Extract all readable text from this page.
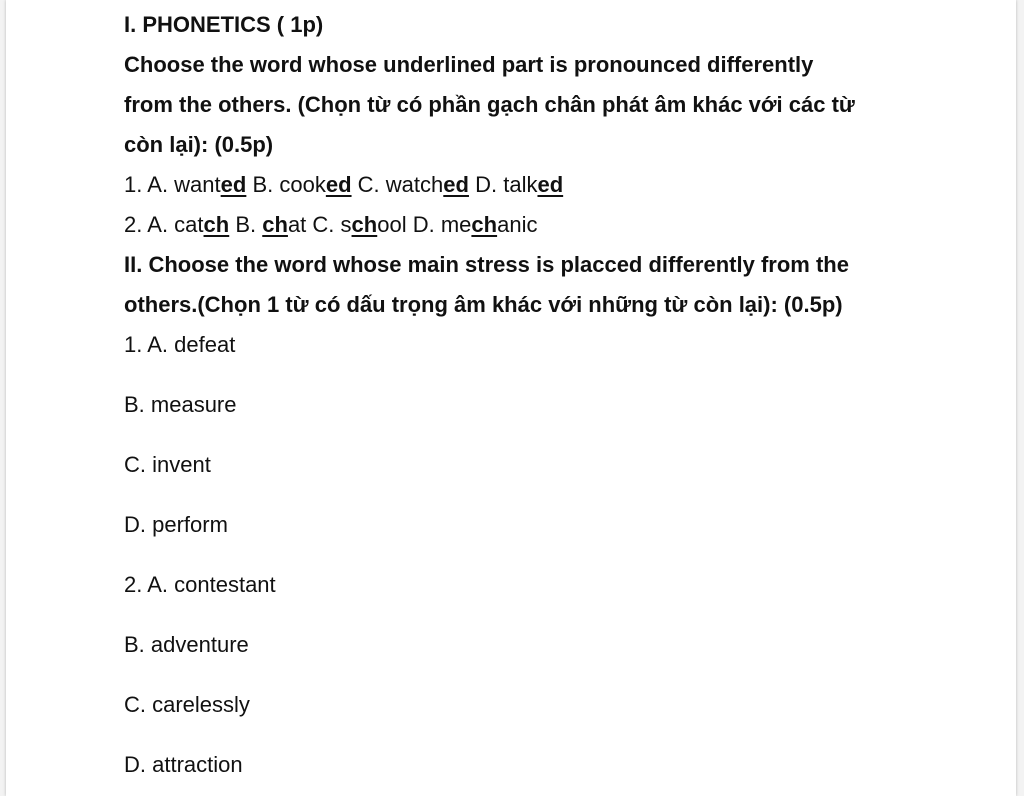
I. PHONETICS ( 1p)
Choose the word whose underlined part is pronounced differently
from the others. (Chọn từ có phần gạch chân phát âm khác với các từ
còn lại): (0.5p)
1. A. wanted B. cooked C. watched D. talked
2. A. catch B. chat C. school D. mechanic
II. Choose the word whose main stress is placced differently from the
others.(Chọn 1 từ có dấu trọng âm khác với những từ còn lại): (0.5p)
1. A. defeat
B. measure
C. invent
D. perform
2. A. contestant
B. adventure
C. carelessly
D. attraction
